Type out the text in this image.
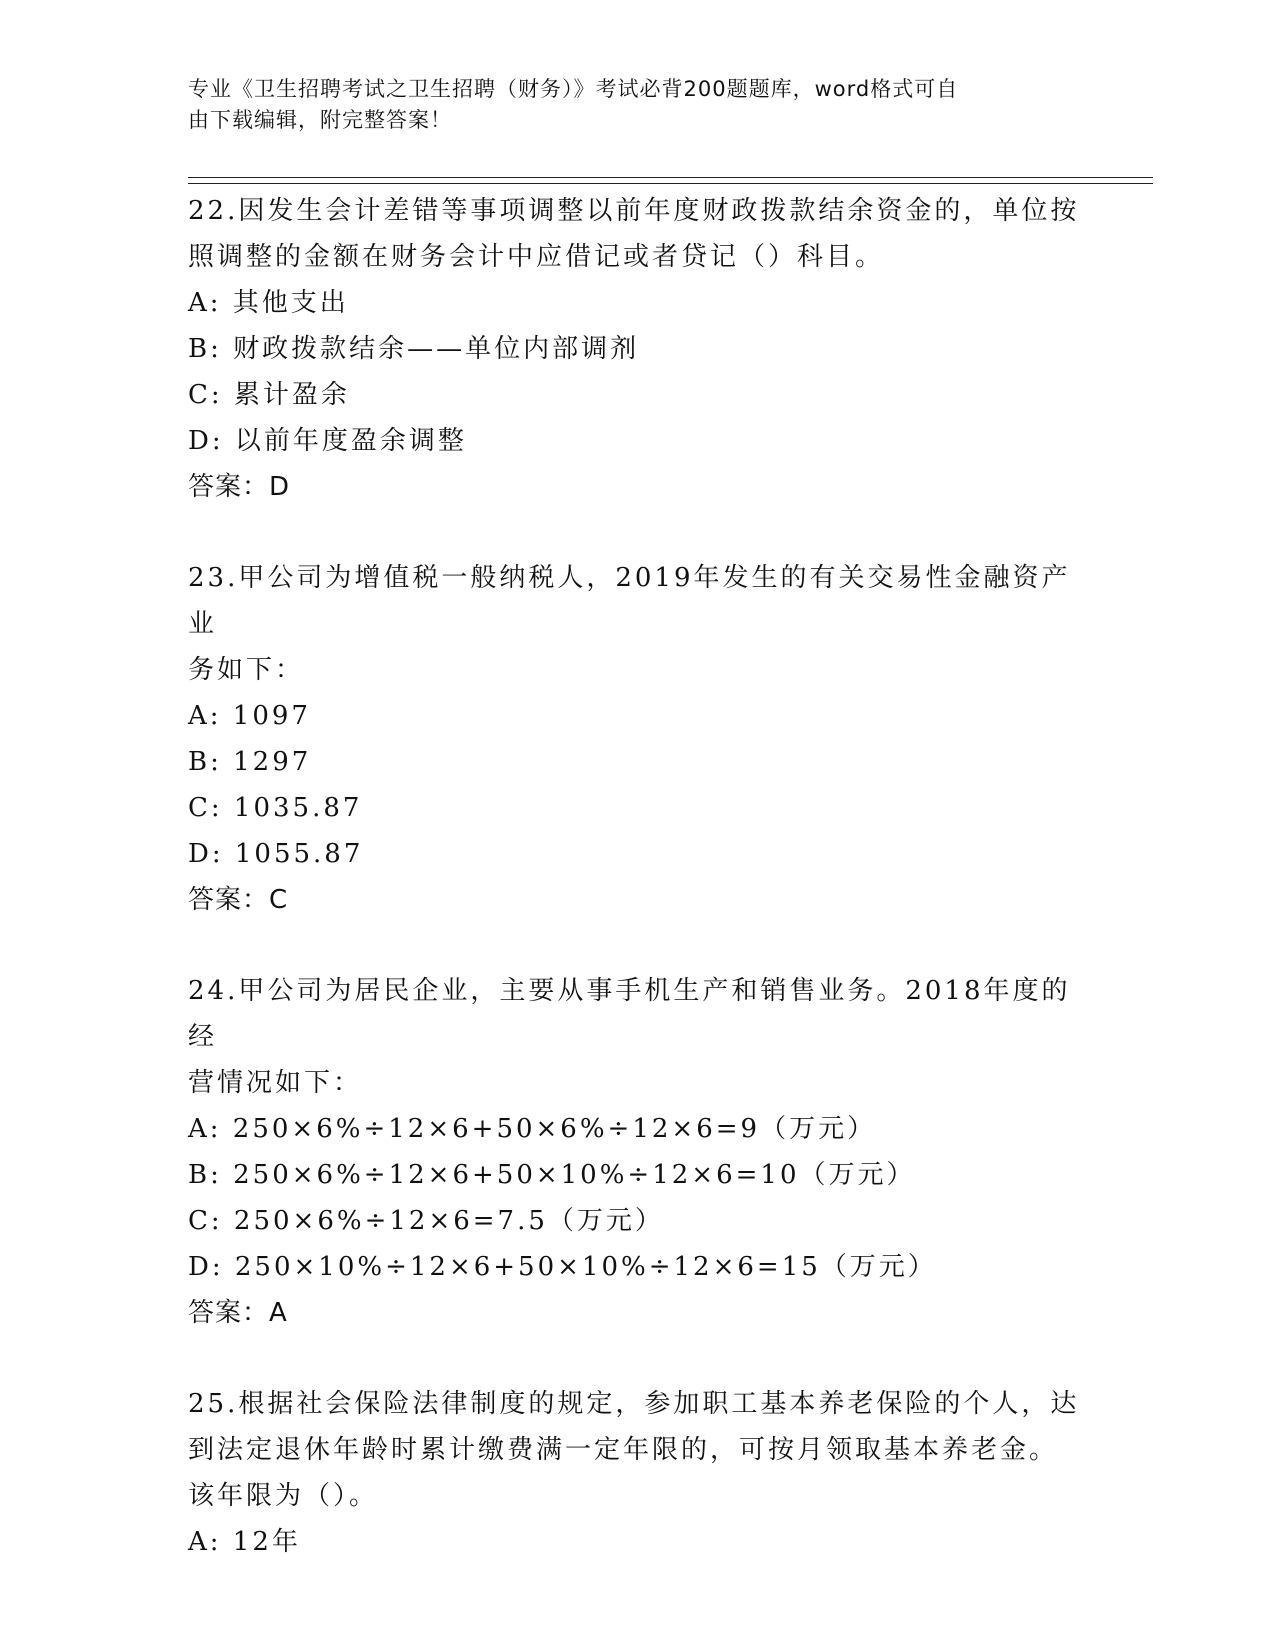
专业《卫生招聘考试之卫生招聘（财务）》考试必背200题题库，word格式可自
由下载编辑，附完整答案！

22.因发生会计差错等事项调整以前年度财政拨款结余资金的，单位按

照调整的金额在财务会计中应借记或者贷记（）科目。

A: 其他支出

B: 财政拨款结余——单位内部调剂

C: 累计盈余

D: 以前年度盈余调整

答案：D

23.甲公司为增值税一般纳税人，2019年发生的有关交易性金融资产业

务如下：

A: 1097

B: 1297

C: 1035.87

D: 1055.87

答案：C

24.甲公司为居民企业，主要从事手机生产和销售业务。2018年度的经

营情况如下：

A: 250×6%÷12×6+50×6%÷12×6=9（万元）

B: 250×6%÷12×6+50×10%÷12×6=10（万元）

C: 250×6%÷12×6=7.5（万元）

D: 250×10%÷12×6+50×10%÷12×6=15（万元）

答案：A

25.根据社会保险法律制度的规定，参加职工基本养老保险的个人，达

到法定退休年龄时累计缴费满一定年限的，可按月领取基本养老金。

该年限为（）。

A: 12年
